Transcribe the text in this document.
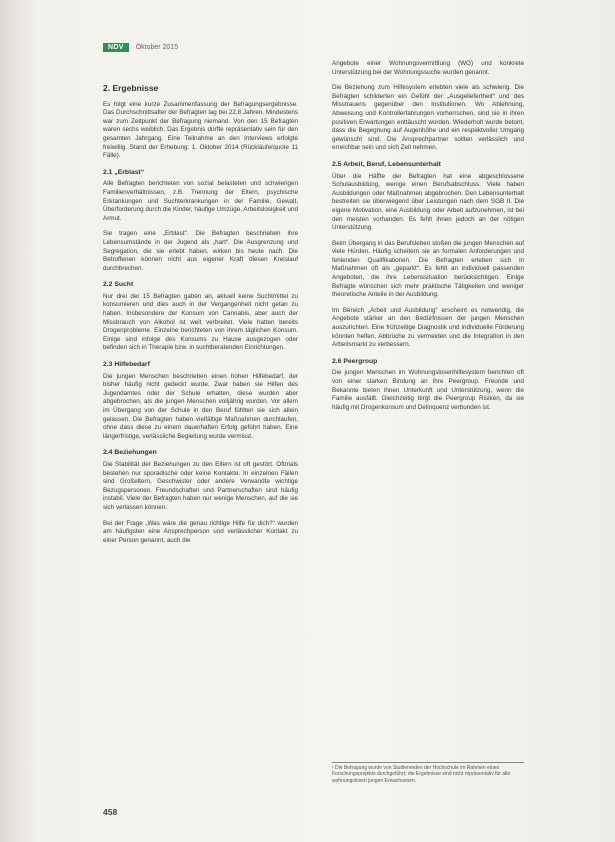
NDV	Oktober 2015
2. Ergebnisse

Es folgt eine kurze Zusammenfassung der Befragungsergebnisse. Das Durchschnittsalter der Befragten lag bei 22,8 Jahren. Mindestens war zum Zeitpunkt der Befragung niemand. Von den 15 Befragten waren sechs weiblich. Das Ergebnis dürfte repräsentativ sein für den gesamten Jahrgang. Eine Teilnahme an den Interviews erfolgte freiwillig. Stand der Erhebung: 1. Oktober 2014 (Rückläuferquote 11 Fälle).

2.1 „Erblast“

Alle Befragten berichteten von sozial belasteten und schwierigen Familienverhältnissen, z.B. Trennung der Eltern, psychische Erkrankungen und Suchterkrankungen in der Familie, Gewalt, Überforderung durch die Kinder, häufige Umzüge, Arbeitslosigkeit und Armut.

Sie tragen eine „Erblast“. Die Befragten beschrieben ihre Lebensumstände in der Jugend als „hart“. Die Ausgrenzung und Segregation, die sie erlebt haben, wirken bis heute nach. Die Betroffenen können nicht aus eigener Kraft diesen Kreislauf durchbrechen.

2.2 Sucht

Nur drei der 15 Befragten gaben an, aktuell keine Suchtmittel zu konsumieren und dies auch in der Vergangenheit nicht getan zu haben. Insbesondere der Konsum von Cannabis, aber auch der Missbrauch von Alkohol ist weit verbreitet. Viele hatten bereits Drogenprobleme. Einzelne berichteten von ihrem täglichen Konsum. Einige sind infolge des Konsums zu Hause ausgezogen oder befinden sich in Therapie bzw. in suchtberatenden Einrichtungen.

2.3 Hilfebedarf

Die jungen Menschen beschrieben einen hohen Hilfebedarf, der bisher häufig nicht gedeckt wurde. Zwar haben sie Hilfen des Jugendamtes oder der Schule erhalten, diese wurden aber abgebrochen, als die jungen Menschen volljährig wurden. Vor allem im Übergang von der Schule in den Beruf fühlten sie sich allein gelassen. Die Befragten haben vielfältige Maßnahmen durchlaufen, ohne dass diese zu einem dauerhaften Erfolg geführt haben. Eine längerfristige, verlässliche Begleitung wurde vermisst.

2.4 Beziehungen

Die Stabilität der Beziehungen zu den Eltern ist oft gestört. Oftmals bestehen nur sporadische oder keine Kontakte. In einzelnen Fällen sind Großeltern, Geschwister oder andere Verwandte wichtige Bezugspersonen. Freundschaften und Partnerschaften sind häufig instabil. Viele der Befragten haben nur wenige Menschen, auf die sie sich verlassen können.

Bei der Frage „Was wäre die genau richtige Hilfe für dich?“ wurden am häufigsten eine Ansprechperson und verlässlicher Kontakt zu einer Person genannt, auch die

Angebote einer Wohnungsvermittlung (WG) und konkrete Unterstützung bei der Wohnungssuche wurden genannt.

Die Beziehung zum Hilfesystem erlebten viele als schwierig. Die Befragten schilderten ein Gefühl der „Ausgeliefertheit“ und des Misstrauens gegenüber den Institutionen. Wo Ablehnung, Abweisung und Kontrollerfahrungen vorherrschen, sind sie in ihren positiven Erwartungen enttäuscht worden. Wiederholt wurde betont, dass die Begegnung auf Augenhöhe und ein respektvoller Umgang gewünscht sind. Die Ansprechpartner sollten verlässlich und erreichbar sein und sich Zeit nehmen.

2.5 Arbeit, Beruf, Lebensunterhalt

Über die Hälfte der Befragten hat eine abgeschlossene Schulausbildung, wenige einen Berufsabschluss. Viele haben Ausbildungen oder Maßnahmen abgebrochen. Den Lebensunterhalt bestreiten sie überwiegend über Leistungen nach dem SGB II. Die eigene Motivation, eine Ausbildung oder Arbeit aufzunehmen, ist bei den meisten vorhanden. Es fehlt ihnen jedoch an der nötigen Unterstützung.

Beim Übergang in das Berufsleben stoßen die jungen Menschen auf viele Hürden. Häufig scheitern sie an formalen Anforderungen und fehlenden Qualifikationen. Die Befragten erleben sich in Maßnahmen oft als „geparkt“. Es fehlt an individuell passenden Angeboten, die ihre Lebenssituation berücksichtigen. Einige Befragte wünschen sich mehr praktische Tätigkeiten und weniger theoretische Anteile in der Ausbildung.

Im Bereich „Arbeit und Ausbildung“ erscheint es notwendig, die Angebote stärker an den Bedürfnissen der jungen Menschen auszurichten. Eine frühzeitige Diagnostik und individuelle Förderung könnten helfen, Abbrüche zu vermeiden und die Integration in den Arbeitsmarkt zu verbessern.

2.6 Peergroup

Die jungen Menschen im Wohnungslosenhilfesystem berichten oft von einer starken Bindung an ihre Peergroup. Freunde und Bekannte bieten ihnen Unterkunft und Unterstützung, wenn die Familie ausfällt. Gleichzeitig birgt die Peergroup Risiken, da sie häufig mit Drogenkonsum und Delinquenz verbunden ist.

¹ Die Befragung wurde von Studierenden der Hochschule im Rahmen eines Forschungsprojekts durchgeführt; die Ergebnisse sind nicht repräsentativ für alle wohnungslosen jungen Erwachsenen.
458
